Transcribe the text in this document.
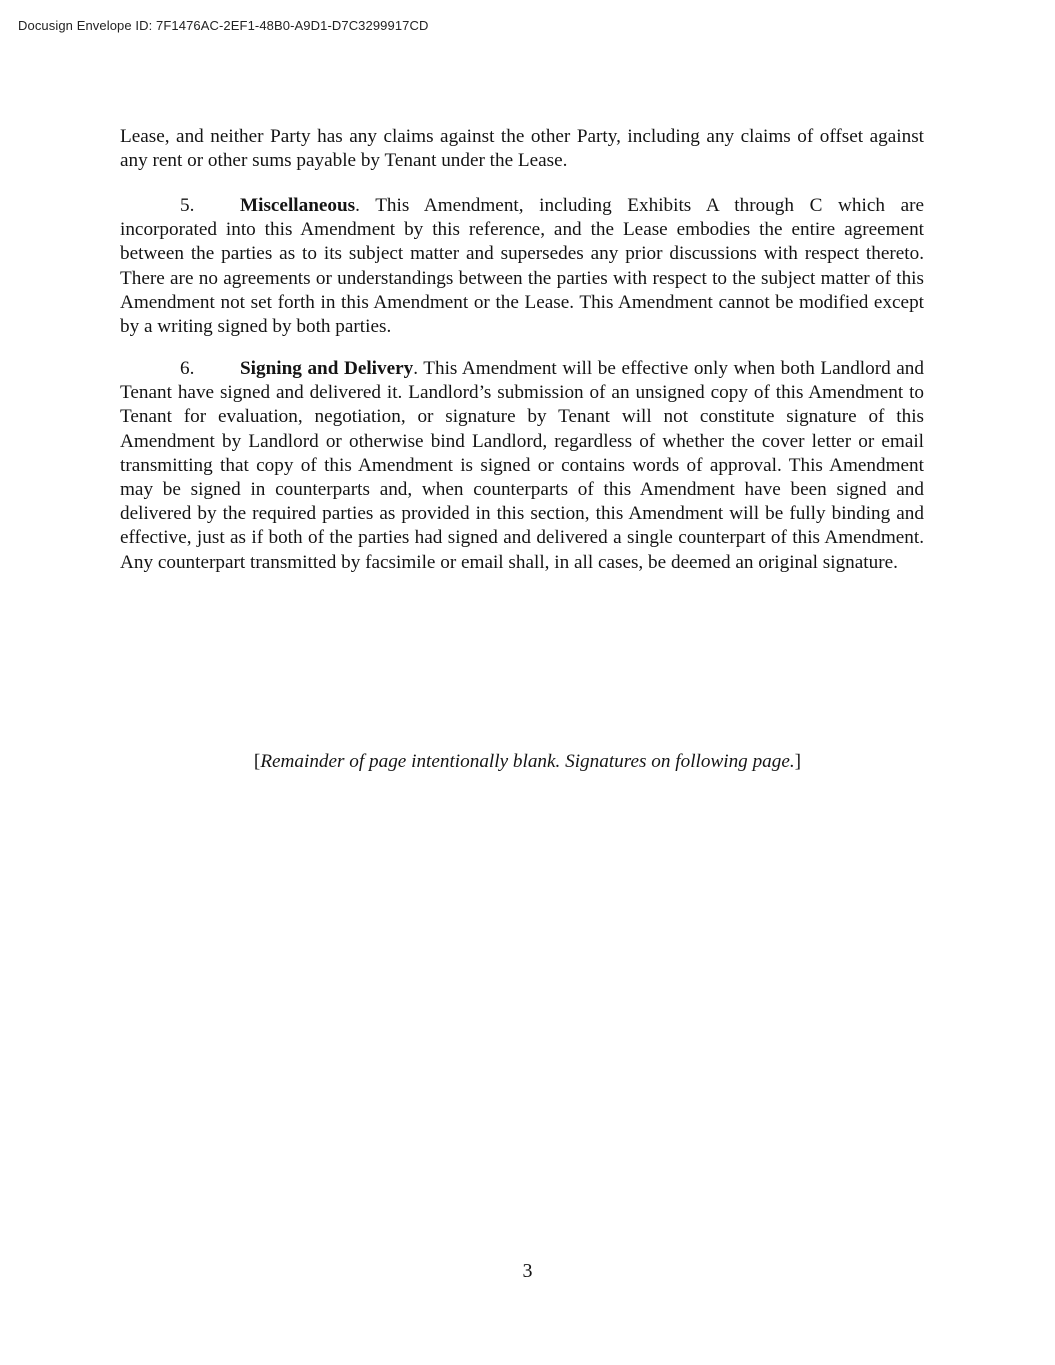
Docusign Envelope ID: 7F1476AC-2EF1-48B0-A9D1-D7C3299917CD

Lease, and neither Party has any claims against the other Party, including any claims of offset against any rent or other sums payable by Tenant under the Lease.

5. Miscellaneous. This Amendment, including Exhibits A through C which are incorporated into this Amendment by this reference, and the Lease embodies the entire agreement between the parties as to its subject matter and supersedes any prior discussions with respect thereto. There are no agreements or understandings between the parties with respect to the subject matter of this Amendment not set forth in this Amendment or the Lease. This Amendment cannot be modified except by a writing signed by both parties.

6. Signing and Delivery. This Amendment will be effective only when both Landlord and Tenant have signed and delivered it. Landlord’s submission of an unsigned copy of this Amendment to Tenant for evaluation, negotiation, or signature by Tenant will not constitute signature of this Amendment by Landlord or otherwise bind Landlord, regardless of whether the cover letter or email transmitting that copy of this Amendment is signed or contains words of approval. This Amendment may be signed in counterparts and, when counterparts of this Amendment have been signed and delivered by the required parties as provided in this section, this Amendment will be fully binding and effective, just as if both of the parties had signed and delivered a single counterpart of this Amendment. Any counterpart transmitted by facsimile or email shall, in all cases, be deemed an original signature.

[Remainder of page intentionally blank. Signatures on following page.]
3
